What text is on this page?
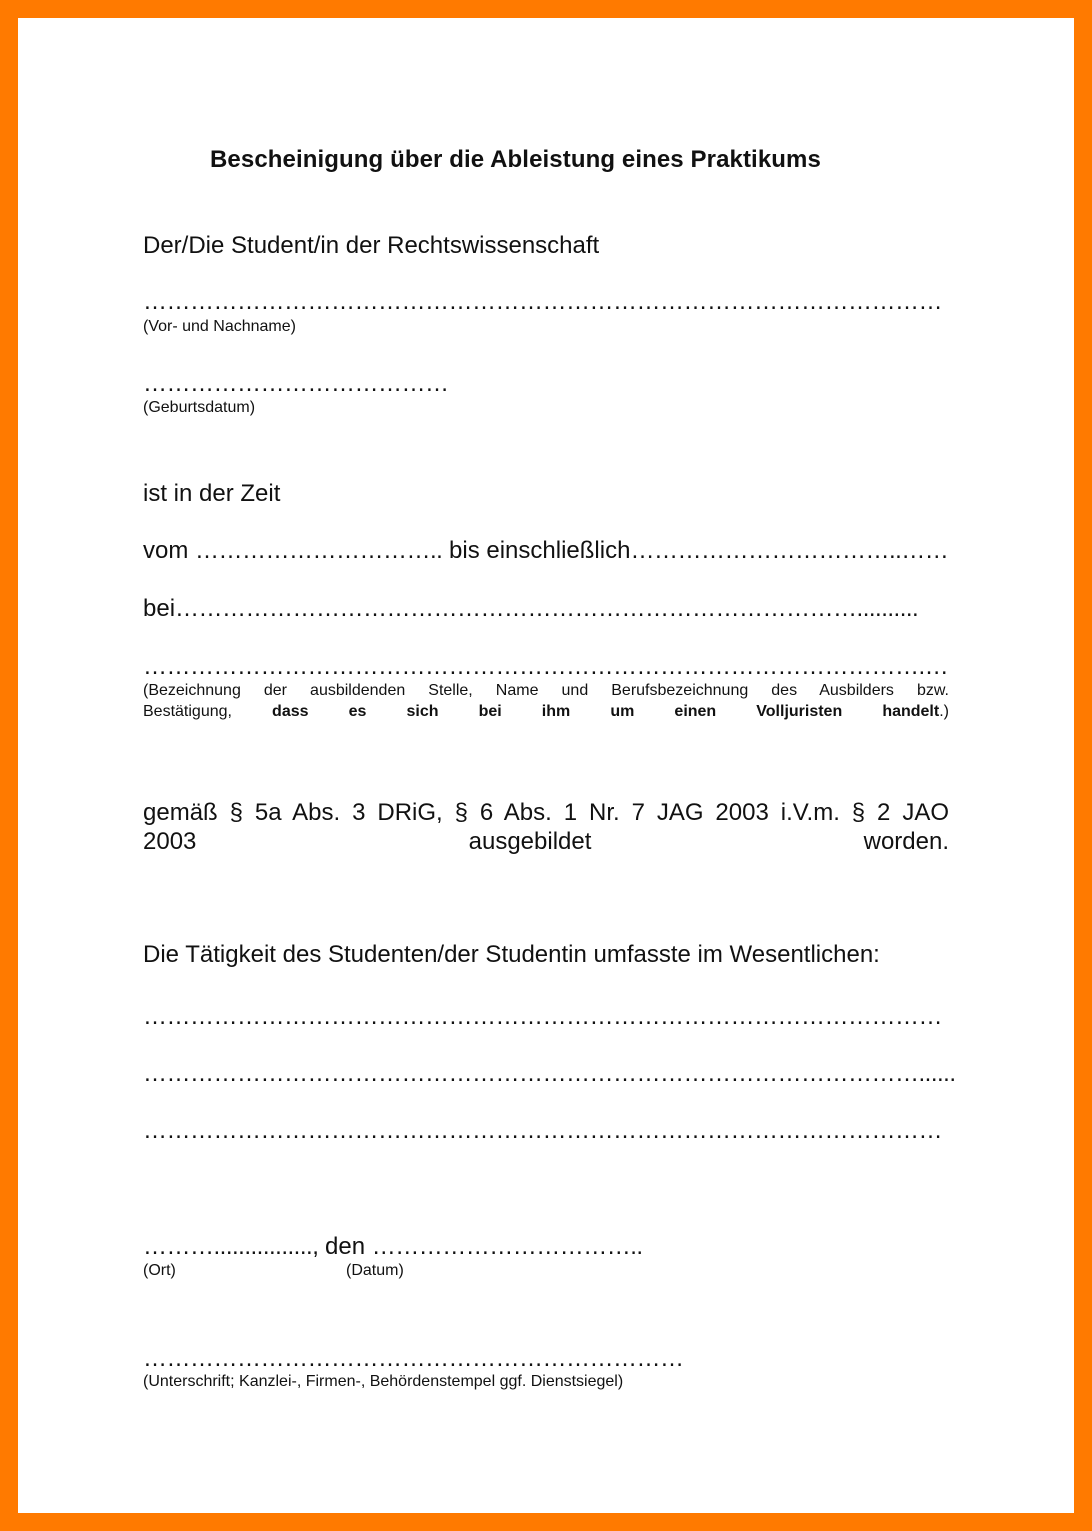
Bescheinigung über die Ableistung eines Praktikums
Der/Die Student/in der Rechtswissenschaft
…………………………………………………………………………………………
(Vor- und Nachname)
…………………………………
(Geburtsdatum)
ist in der Zeit
vom ………………………….. bis einschließlich……………………………..……
bei……………………………………………………………………………..........
……………………………………………………………………………………….…
(Bezeichnung der ausbildenden Stelle, Name und Berufsbezeichnung des Ausbilders bzw.
Bestätigung, dass es sich bei ihm um einen Volljuristen handelt.)
gemäß § 5a Abs. 3 DRiG, § 6 Abs. 1 Nr. 7 JAG 2003 i.V.m. § 2 JAO
2003 ausgebildet worden.
Die Tätigkeit des Studenten/der Studentin umfasste im Wesentlichen:
…………………………………………………………………………………………
………………………………………………………………………………………......
…………………………………………………………………………………………
………................, den ……………………………..
(Ort)	(Datum)
……………………………………………………………
(Unterschrift; Kanzlei-, Firmen-, Behördenstempel ggf. Dienstsiegel)
